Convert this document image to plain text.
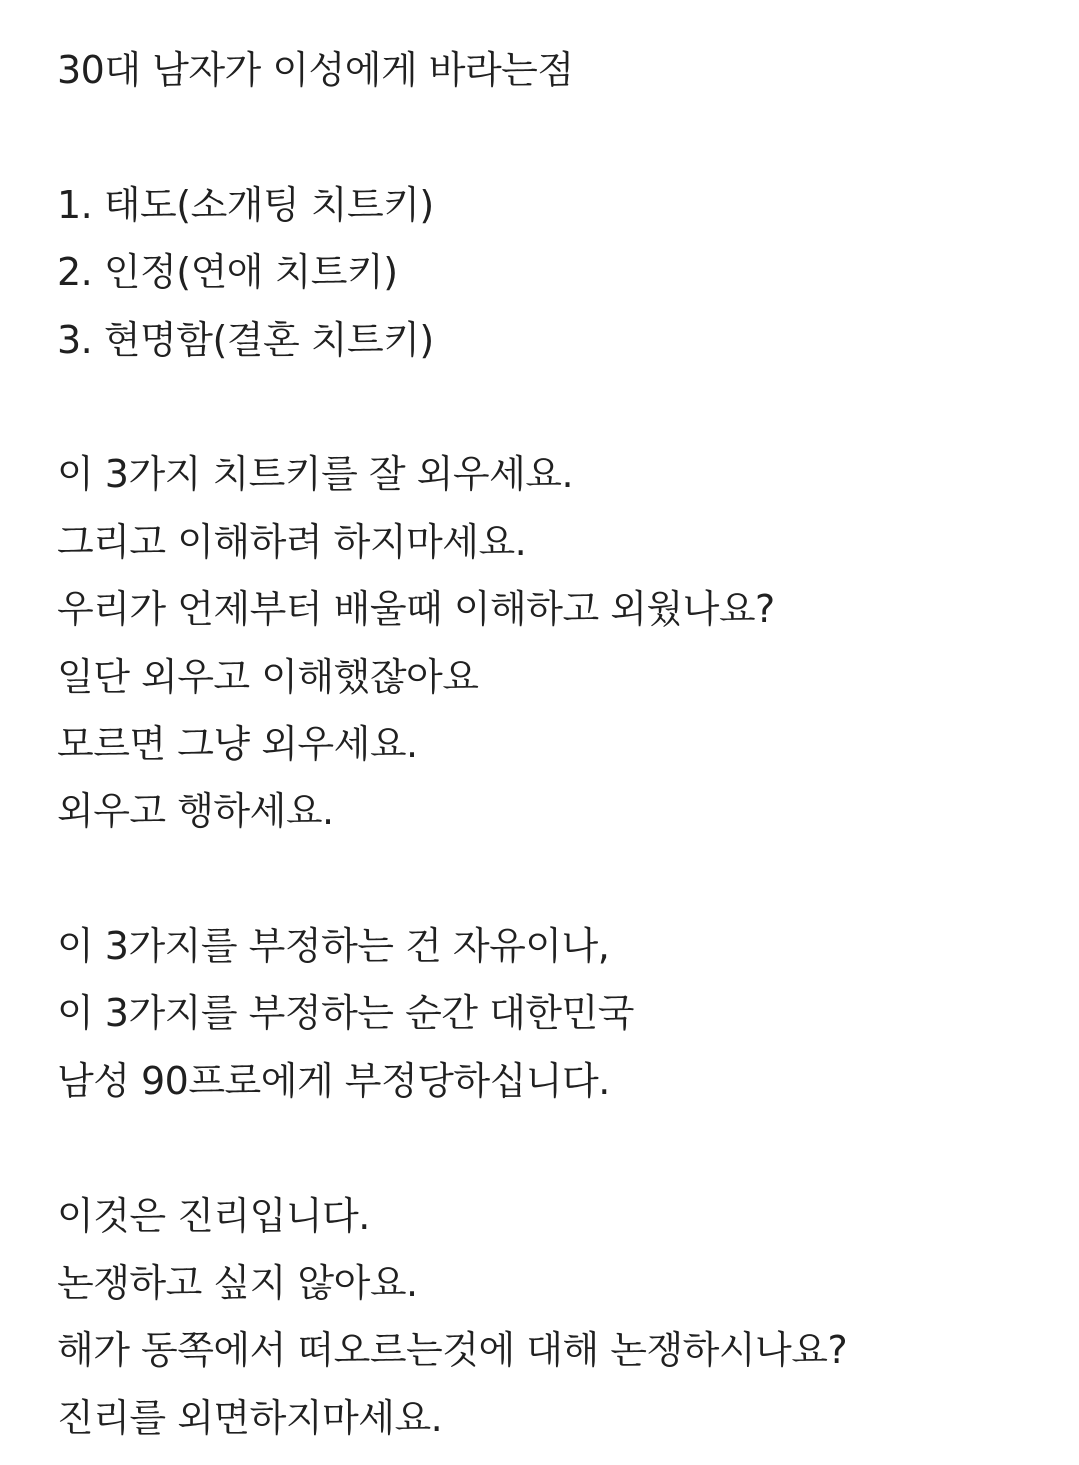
30대 남자가 이성에게 바라는점
1. 태도(소개팅 치트키)
2. 인정(연애 치트키)
3. 현명함(결혼 치트키)
이 3가지 치트키를 잘 외우세요.
그리고 이해하려 하지마세요.
우리가 언제부터 배울때 이해하고 외웠나요?
일단 외우고 이해했잖아요
모르면 그냥 외우세요.
외우고 행하세요.
이 3가지를 부정하는 건 자유이나,
이 3가지를 부정하는 순간 대한민국
남성 90프로에게 부정당하십니다.
이것은 진리입니다.
논쟁하고 싶지 않아요.
해가 동쪽에서 떠오르는것에 대해 논쟁하시나요?
진리를 외면하지마세요.
